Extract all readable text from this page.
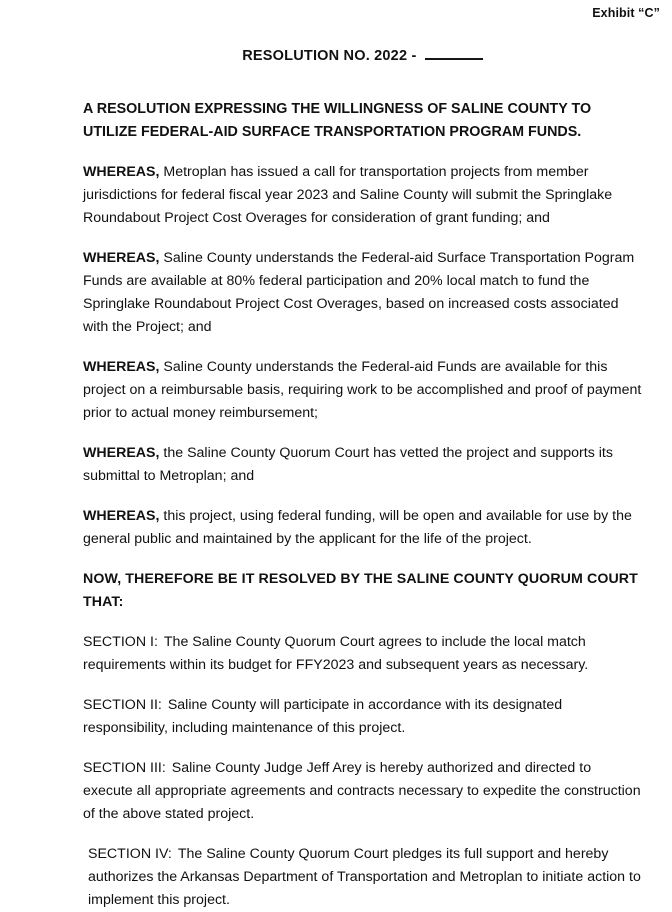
Exhibit “C”
RESOLUTION NO. 2022 -
A RESOLUTION EXPRESSING THE WILLINGNESS OF SALINE COUNTY TO UTILIZE FEDERAL-AID SURFACE TRANSPORTATION PROGRAM FUNDS.
WHEREAS, Metroplan has issued a call for transportation projects from member jurisdictions for federal fiscal year 2023 and Saline County will submit the Springlake Roundabout Project Cost Overages for consideration of grant funding; and
WHEREAS, Saline County understands the Federal-aid Surface Transportation Pogram Funds are available at 80% federal participation and 20% local match to fund the Springlake Roundabout Project Cost Overages, based on increased costs associated with the Project; and
WHEREAS, Saline County understands the Federal-aid Funds are available for this project on a reimbursable basis, requiring work to be accomplished and proof of payment prior to actual money reimbursement;
WHEREAS, the Saline County Quorum Court has vetted the project and supports its submittal to Metroplan; and
WHEREAS, this project, using federal funding, will be open and available for use by the general public and maintained by the applicant for the life of the project.
NOW, THEREFORE BE IT RESOLVED BY THE SALINE COUNTY QUORUM COURT THAT:
SECTION I: The Saline County Quorum Court agrees to include the local match requirements within its budget for FFY2023 and subsequent years as necessary.
SECTION II: Saline County will participate in accordance with its designated responsibility, including maintenance of this project.
SECTION III: Saline County Judge Jeff Arey is hereby authorized and directed to execute all appropriate agreements and contracts necessary to expedite the construction of the above stated project.
SECTION IV: The Saline County Quorum Court pledges its full support and hereby authorizes the Arkansas Department of Transportation and Metroplan to initiate action to implement this project.
